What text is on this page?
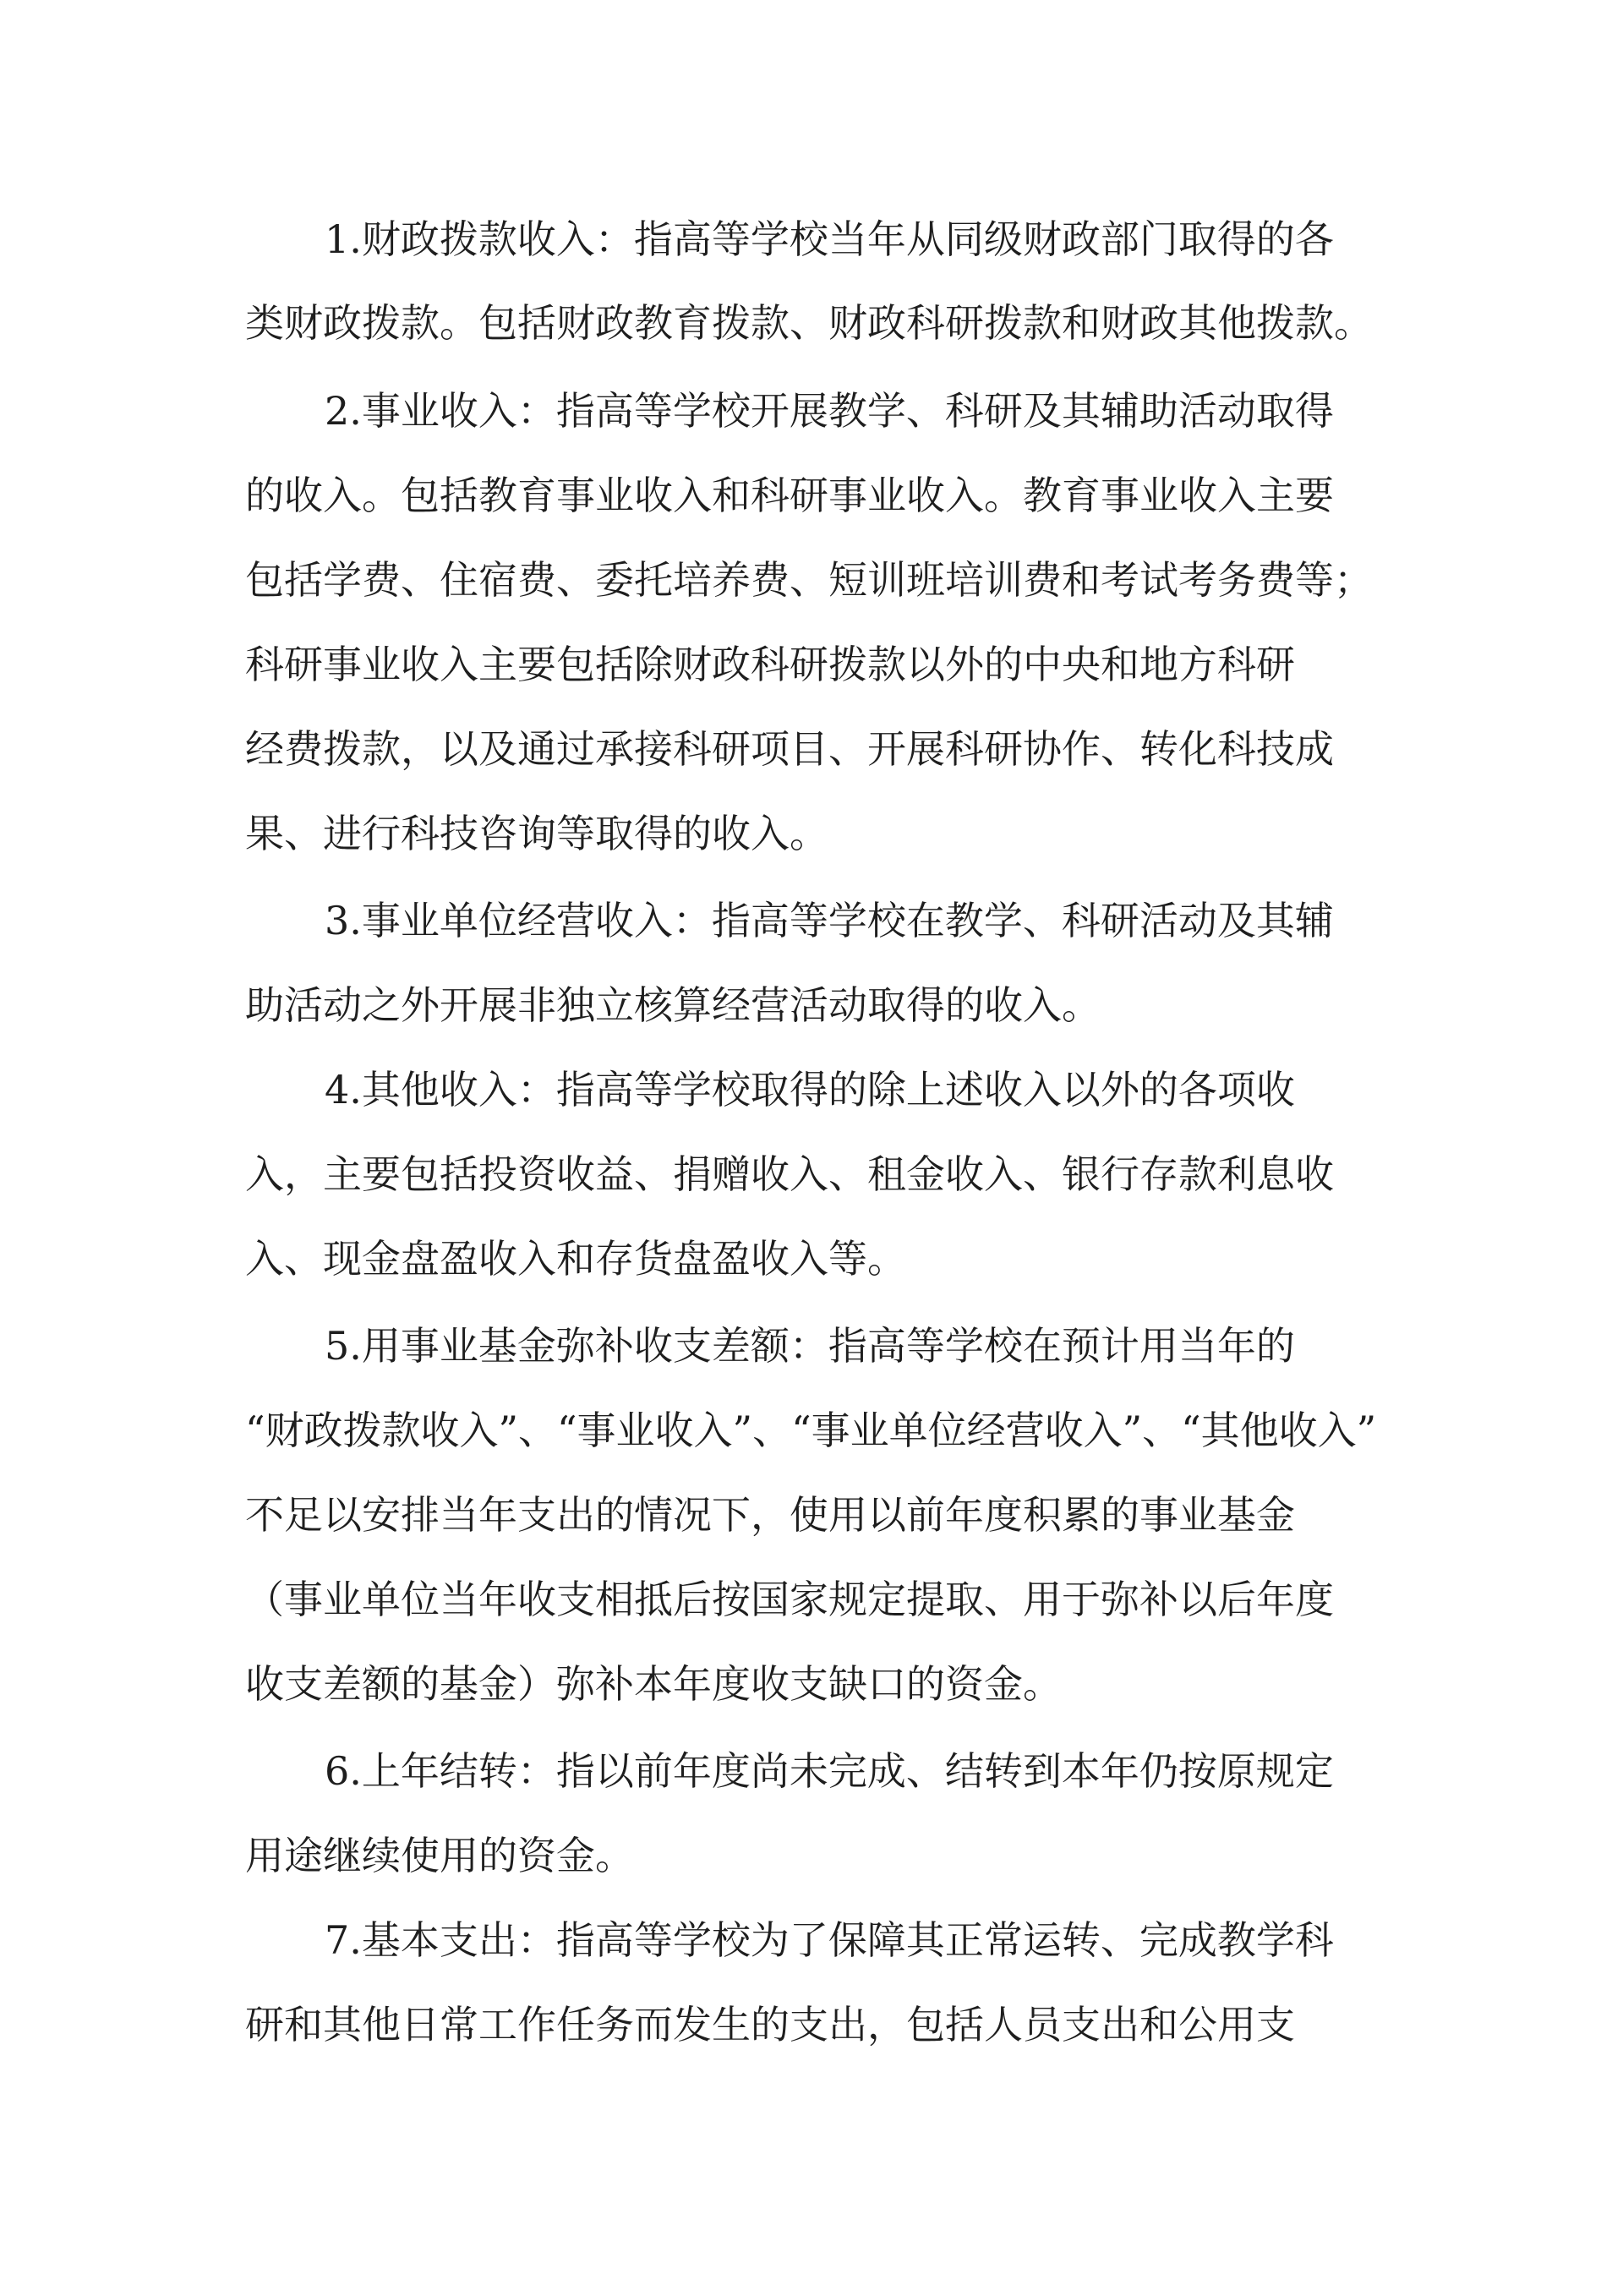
1.财政拨款收入：指高等学校当年从同级财政部门取得的各

类财政拨款。包括财政教育拨款、财政科研拨款和财政其他拨款。

2.事业收入：指高等学校开展教学、科研及其辅助活动取得

的收入。包括教育事业收入和科研事业收入。教育事业收入主要

包括学费、住宿费、委托培养费、短训班培训费和考试考务费等；

科研事业收入主要包括除财政科研拨款以外的中央和地方科研

经费拨款，以及通过承接科研项目、开展科研协作、转化科技成

果、进行科技咨询等取得的收入。

3.事业单位经营收入：指高等学校在教学、科研活动及其辅

助活动之外开展非独立核算经营活动取得的收入。

4.其他收入：指高等学校取得的除上述收入以外的各项收

入，主要包括投资收益、捐赠收入、租金收入、银行存款利息收

入、现金盘盈收入和存货盘盈收入等。

5.用事业基金弥补收支差额：指高等学校在预计用当年的

“财政拨款收入”、“事业收入”、“事业单位经营收入”、“其他收入”

不足以安排当年支出的情况下，使用以前年度积累的事业基金

（事业单位当年收支相抵后按国家规定提取、用于弥补以后年度

收支差额的基金）弥补本年度收支缺口的资金。

6.上年结转：指以前年度尚未完成、结转到本年仍按原规定

用途继续使用的资金。

7.基本支出：指高等学校为了保障其正常运转、完成教学科

研和其他日常工作任务而发生的支出，包括人员支出和公用支
